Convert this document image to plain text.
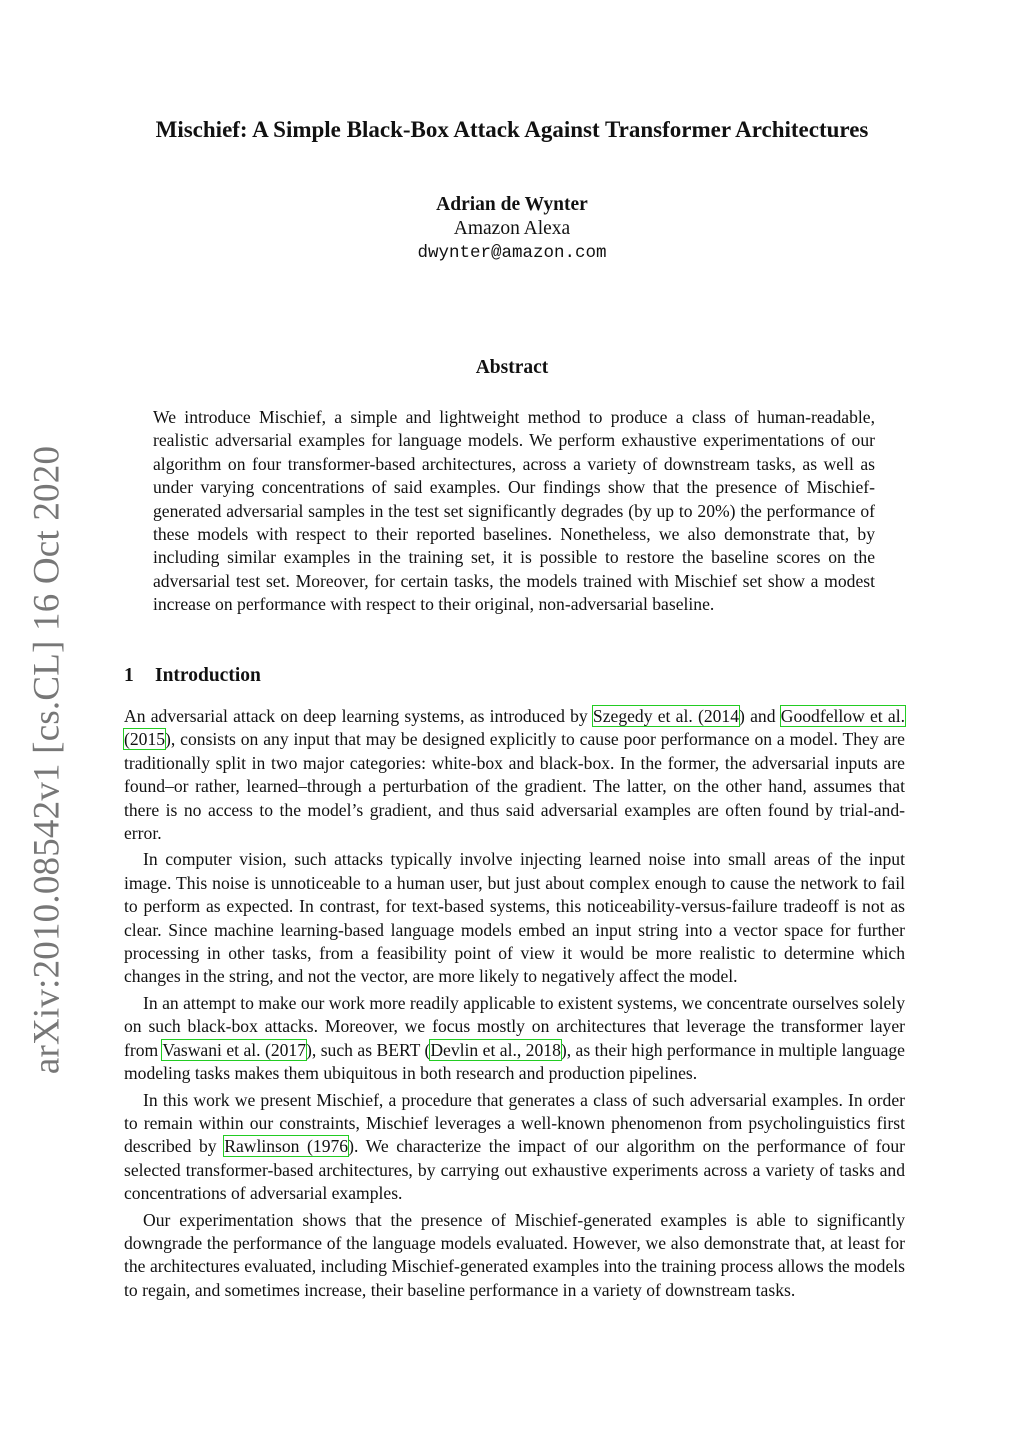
arXiv:2010.08542v1 [cs.CL] 16 Oct 2020
Mischief: A Simple Black-Box Attack Against Transformer Architectures
Adrian de Wynter
Amazon Alexa
dwynter@amazon.com
Abstract

We introduce Mischief, a simple and lightweight method to produce a class of human-readable, realistic adversarial examples for language models. We perform exhaustive experimentations of our algorithm on four transformer-based architectures, across a variety of downstream tasks, as well as under varying concentrations of said examples. Our findings show that the presence of Mischief-generated adversarial samples in the test set significantly degrades (by up to 20%) the performance of these models with respect to their reported baselines. Nonetheless, we also demonstrate that, by including similar examples in the training set, it is possible to restore the baseline scores on the adversarial test set. Moreover, for certain tasks, the models trained with Mischief set show a modest increase on performance with respect to their original, non-adversarial baseline.

1 Introduction

An adversarial attack on deep learning systems, as introduced by Szegedy et al. (2014) and Goodfellow et al. (2015), consists on any input that may be designed explicitly to cause poor performance on a model. They are traditionally split in two major categories: white-box and black-box. In the former, the adversarial inputs are found–or rather, learned–through a perturbation of the gradient. The latter, on the other hand, assumes that there is no access to the model’s gradient, and thus said adversarial examples are often found by trial-and-error.

In computer vision, such attacks typically involve injecting learned noise into small areas of the input image. This noise is unnoticeable to a human user, but just about complex enough to cause the network to fail to perform as expected. In contrast, for text-based systems, this noticeability-versus-failure tradeoff is not as clear. Since machine learning-based language models embed an input string into a vector space for further processing in other tasks, from a feasibility point of view it would be more realistic to determine which changes in the string, and not the vector, are more likely to negatively affect the model.

In an attempt to make our work more readily applicable to existent systems, we concentrate ourselves solely on such black-box attacks. Moreover, we focus mostly on architectures that leverage the transformer layer from Vaswani et al. (2017), such as BERT (Devlin et al., 2018), as their high performance in multiple language modeling tasks makes them ubiquitous in both research and production pipelines.

In this work we present Mischief, a procedure that generates a class of such adversarial examples. In order to remain within our constraints, Mischief leverages a well-known phenomenon from psycholinguistics first described by Rawlinson (1976). We characterize the impact of our algorithm on the performance of four selected transformer-based architectures, by carrying out exhaustive experiments across a variety of tasks and concentrations of adversarial examples.

Our experimentation shows that the presence of Mischief-generated examples is able to significantly downgrade the performance of the language models evaluated. However, we also demonstrate that, at least for the architectures evaluated, including Mischief-generated examples into the training process allows the models to regain, and sometimes increase, their baseline performance in a variety of downstream tasks.
